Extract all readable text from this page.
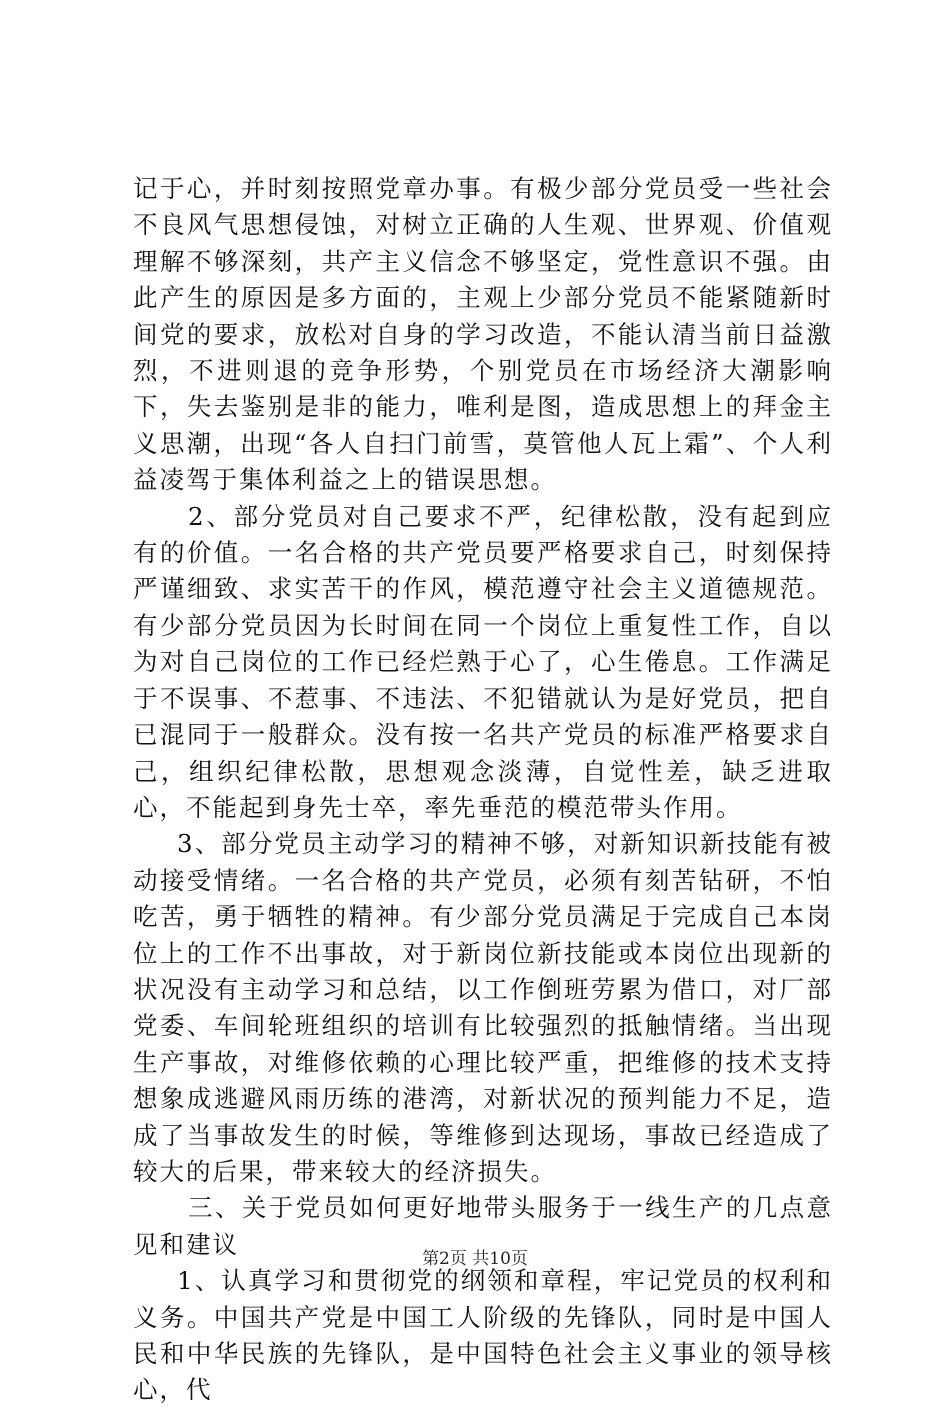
记于心，并时刻按照党章办事。有极少部分党员受一些社会不良风气思想侵蚀，对树立正确的人生观、世界观、价值观理解不够深刻，共产主义信念不够坚定，党性意识不强。由此产生的原因是多方面的，主观上少部分党员不能紧随新时间党的要求，放松对自身的学习改造，不能认清当前日益激烈，不进则退的竞争形势，个别党员在市场经济大潮影响下，失去鉴别是非的能力，唯利是图，造成思想上的拜金主义思潮，出现“各人自扫门前雪，莫管他人瓦上霜”、个人利益凌驾于集体利益之上的错误思想。

2、部分党员对自己要求不严，纪律松散，没有起到应有的价值。一名合格的共产党员要严格要求自己，时刻保持严谨细致、求实苦干的作风，模范遵守社会主义道德规范。有少部分党员因为长时间在同一个岗位上重复性工作，自以为对自己岗位的工作已经烂熟于心了，心生倦息。工作满足于不误事、不惹事、不违法、不犯错就认为是好党员，把自已混同于一般群众。没有按一名共产党员的标准严格要求自己，组织纪律松散，思想观念淡薄，自觉性差，缺乏进取心，不能起到身先士卒，率先垂范的模范带头作用。

3、部分党员主动学习的精神不够，对新知识新技能有被动接受情绪。一名合格的共产党员，必须有刻苦钻研，不怕吃苦，勇于牺牲的精神。有少部分党员满足于完成自己本岗位上的工作不出事故，对于新岗位新技能或本岗位出现新的状况没有主动学习和总结，以工作倒班劳累为借口，对厂部党委、车间轮班组织的培训有比较强烈的抵触情绪。当出现生产事故，对维修依赖的心理比较严重，把维修的技术支持想象成逃避风雨历练的港湾，对新状况的预判能力不足，造成了当事故发生的时候，等维修到达现场，事故已经造成了较大的后果，带来较大的经济损失。

三、关于党员如何更好地带头服务于一线生产的几点意见和建议

1、认真学习和贯彻党的纲领和章程，牢记党员的权利和义务。中国共产党是中国工人阶级的先锋队，同时是中国人民和中华民族的先锋队，是中国特色社会主义事业的领导核心，代

第2页 共10页
